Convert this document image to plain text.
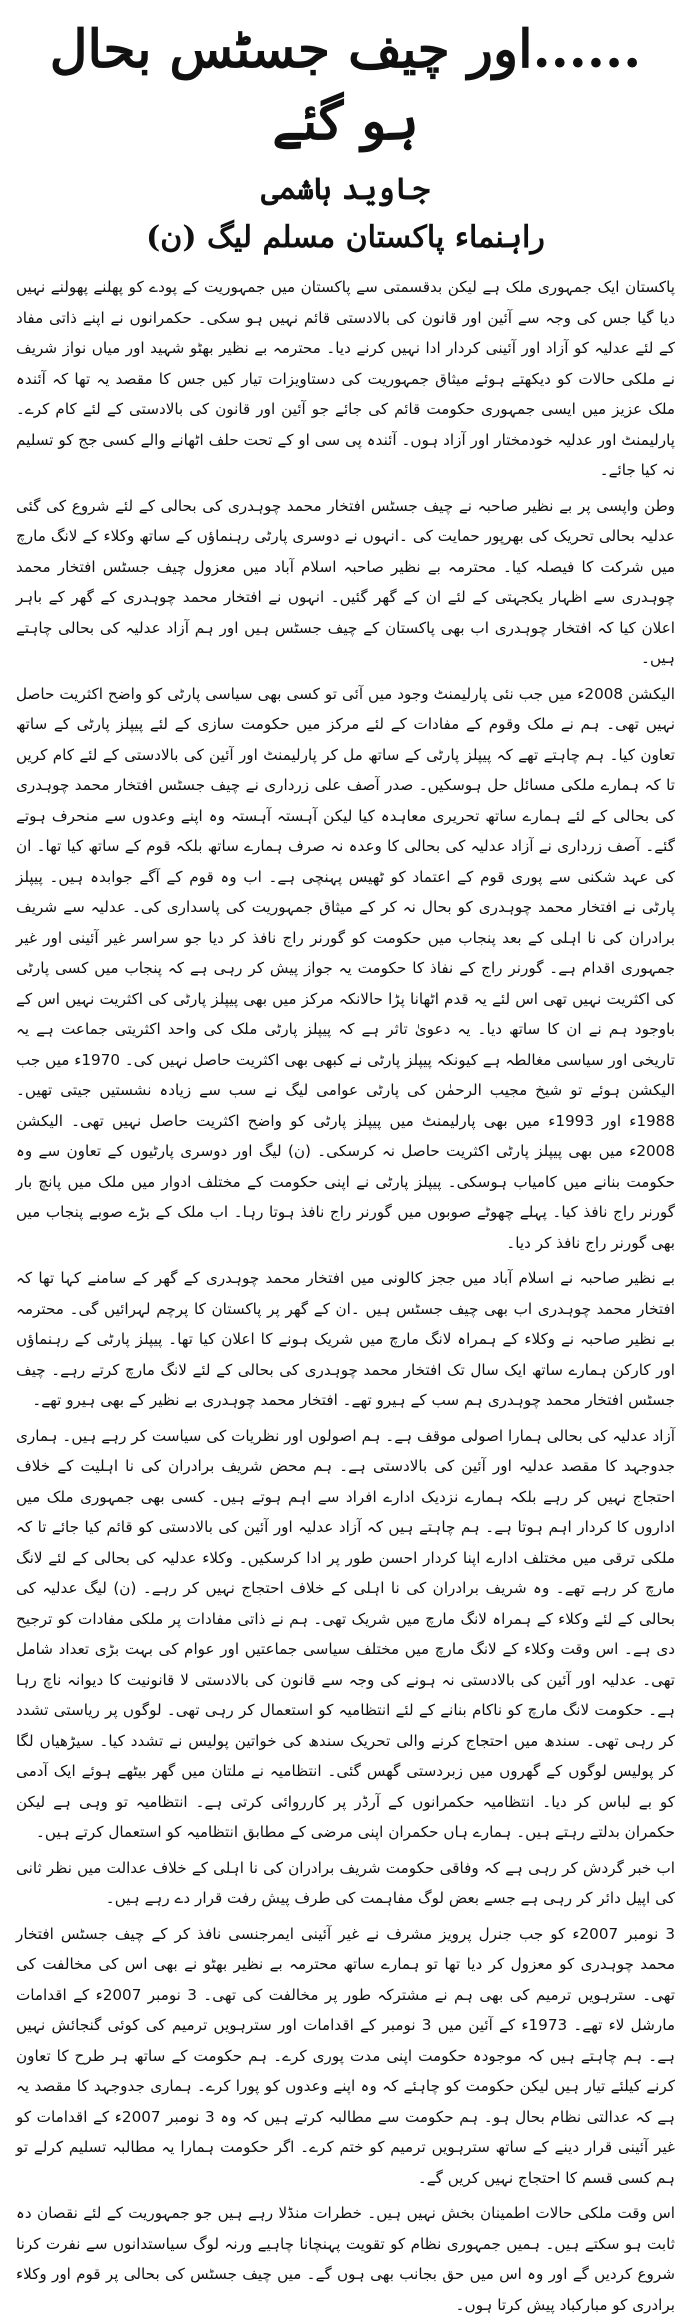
......اور چیف جسٹس بحال ہو گئے
جاوید ہاشمی
راہنماء پاکستان مسلم لیگ (ن)

پاکستان ایک جمہوری ملک ہے لیکن بدقسمتی سے پاکستان میں جمہوریت کے پودے کو پھلنے پھولنے نہیں دیا گیا جس کی وجہ سے آئین اور قانون کی بالادستی قائم نہیں ہو سکی۔ حکمرانوں نے اپنے ذاتی مفاد کے لئے عدلیہ کو آزاد اور آئینی کردار ادا نہیں کرنے دیا۔ محترمہ بے نظیر بھٹو شہید اور میاں نواز شریف نے ملکی حالات کو دیکھتے ہوئے میثاق جمہوریت کی دستاویزات تیار کیں جس کا مقصد یہ تھا کہ آئندہ ملک عزیز میں ایسی جمہوری حکومت قائم کی جائے جو آئین اور قانون کی بالادستی کے لئے کام کرے۔ پارلیمنٹ اور عدلیہ خودمختار اور آزاد ہوں۔ آئندہ پی سی او کے تحت حلف اٹھانے والے کسی جج کو تسلیم نہ کیا جائے۔

وطن واپسی پر بے نظیر صاحبہ نے چیف جسٹس افتخار محمد چوہدری کی بحالی کے لئے شروع کی گئی عدلیہ بحالی تحریک کی بھرپور حمایت کی ۔انہوں نے دوسری پارٹی رہنماؤں کے ساتھ وکلاء کے لانگ مارچ میں شرکت کا فیصلہ کیا۔ محترمہ بے نظیر صاحبہ اسلام آباد میں معزول چیف جسٹس افتخار محمد چوہدری سے اظہار یکجہتی کے لئے ان کے گھر گئیں۔ انہوں نے افتخار محمد چوہدری کے گھر کے باہر اعلان کیا کہ افتخار چوہدری اب بھی پاکستان کے چیف جسٹس ہیں اور ہم آزاد عدلیہ کی بحالی چاہتے ہیں۔

الیکشن 2008ء میں جب نئی پارلیمنٹ وجود میں آئی تو کسی بھی سیاسی پارٹی کو واضح اکثریت حاصل نہیں تھی۔ ہم نے ملک وقوم کے مفادات کے لئے مرکز میں حکومت سازی کے لئے پیپلز پارٹی کے ساتھ تعاون کیا۔ ہم چاہتے تھے کہ پیپلز پارٹی کے ساتھ مل کر پارلیمنٹ اور آئین کی بالادستی کے لئے کام کریں تا کہ ہمارے ملکی مسائل حل ہوسکیں۔ صدر آصف علی زرداری نے چیف جسٹس افتخار محمد چوہدری کی بحالی کے لئے ہمارے ساتھ تحریری معاہدہ کیا لیکن آہستہ آہستہ وہ اپنے وعدوں سے منحرف ہوتے گئے۔ آصف زرداری نے آزاد عدلیہ کی بحالی کا وعدہ نہ صرف ہمارے ساتھ بلکہ قوم کے ساتھ کیا تھا۔ ان کی عہد شکنی سے پوری قوم کے اعتماد کو ٹھیس پہنچی ہے۔ اب وہ قوم کے آگے جوابدہ ہیں۔ پیپلز پارٹی نے افتخار محمد چوہدری کو بحال نہ کر کے میثاق جمہوریت کی پاسداری کی۔ عدلیہ سے شریف برادران کی نا اہلی کے بعد پنجاب میں حکومت کو گورنر راج نافذ کر دیا جو سراسر غیر آئینی اور غیر جمہوری اقدام ہے۔ گورنر راج کے نفاذ کا حکومت یہ جواز پیش کر رہی ہے کہ پنجاب میں کسی پارٹی کی اکثریت نہیں تھی اس لئے یہ قدم اٹھانا پڑا حالانکہ مرکز میں بھی پیپلز پارٹی کی اکثریت نہیں اس کے باوجود ہم نے ان کا ساتھ دیا۔ یہ دعویٰ تاثر ہے کہ پیپلز پارٹی ملک کی واحد اکثریتی جماعت ہے یہ تاریخی اور سیاسی مغالطہ ہے کیونکہ پیپلز پارٹی نے کبھی بھی اکثریت حاصل نہیں کی۔ 1970ء میں جب الیکشن ہوئے تو شیخ مجیب الرحمٰن کی پارٹی عوامی لیگ نے سب سے زیادہ نشستیں جیتی تھیں۔ 1988ء اور 1993ء میں بھی پارلیمنٹ میں پیپلز پارٹی کو واضح اکثریت حاصل نہیں تھی۔ الیکشن 2008ء میں بھی پیپلز پارٹی اکثریت حاصل نہ کرسکی۔ (ن) لیگ اور دوسری پارٹیوں کے تعاون سے وہ حکومت بنانے میں کامیاب ہوسکی۔ پیپلز پارٹی نے اپنی حکومت کے مختلف ادوار میں ملک میں پانچ بار گورنر راج نافذ کیا۔ پہلے چھوٹے صوبوں میں گورنر راج نافذ ہوتا رہا۔ اب ملک کے بڑے صوبے پنجاب میں بھی گورنر راج نافذ کر دیا۔

بے نظیر صاحبہ نے اسلام آباد میں ججز کالونی میں افتخار محمد چوہدری کے گھر کے سامنے کہا تھا کہ افتخار محمد چوہدری اب بھی چیف جسٹس ہیں ۔ان کے گھر پر پاکستان کا پرچم لہرائیں گی۔ محترمہ بے نظیر صاحبہ نے وکلاء کے ہمراہ لانگ مارچ میں شریک ہونے کا اعلان کیا تھا۔ پیپلز پارٹی کے رہنماؤں اور کارکن ہمارے ساتھ ایک سال تک افتخار محمد چوہدری کی بحالی کے لئے لانگ مارچ کرتے رہے۔ چیف جسٹس افتخار محمد چوہدری ہم سب کے ہیرو تھے۔ افتخار محمد چوہدری بے نظیر کے بھی ہیرو تھے۔

آزاد عدلیہ کی بحالی ہمارا اصولی موقف ہے۔ ہم اصولوں اور نظریات کی سیاست کر رہے ہیں۔ ہماری جدوجہد کا مقصد عدلیہ اور آئین کی بالادستی ہے۔ ہم محض شریف برادران کی نا اہلیت کے خلاف احتجاج نہیں کر رہے بلکہ ہمارے نزدیک ادارے افراد سے اہم ہوتے ہیں۔ کسی بھی جمہوری ملک میں اداروں کا کردار اہم ہوتا ہے۔ ہم چاہتے ہیں کہ آزاد عدلیہ اور آئین کی بالادستی کو قائم کیا جائے تا کہ ملکی ترقی میں مختلف ادارے اپنا کردار احسن طور پر ادا کرسکیں۔ وکلاء عدلیہ کی بحالی کے لئے لانگ مارچ کر رہے تھے۔ وہ شریف برادران کی نا اہلی کے خلاف احتجاج نہیں کر رہے۔ (ن) لیگ عدلیہ کی بحالی کے لئے وکلاء کے ہمراہ لانگ مارچ میں شریک تھی۔ ہم نے ذاتی مفادات پر ملکی مفادات کو ترجیح دی ہے۔ اس وقت وکلاء کے لانگ مارچ میں مختلف سیاسی جماعتیں اور عوام کی بہت بڑی تعداد شامل تھی۔ عدلیہ اور آئین کی بالادستی نہ ہونے کی وجہ سے قانون کی بالادستی لا قانونیت کا دیوانہ ناچ رہا ہے۔ حکومت لانگ مارچ کو ناکام بنانے کے لئے انتظامیہ کو استعمال کر رہی تھی۔ لوگوں پر ریاستی تشدد کر رہی تھی۔ سندھ میں احتجاج کرنے والی تحریک سندھ کی خواتین پولیس نے تشدد کیا۔ سیڑھیاں لگا کر پولیس لوگوں کے گھروں میں زبردستی گھس گئی۔ انتظامیہ نے ملتان میں گھر بیٹھے ہوئے ایک آدمی کو بے لباس کر دیا۔ انتظامیہ حکمرانوں کے آرڈر پر کارروائی کرتی ہے۔ انتظامیہ تو وہی ہے لیکن حکمران بدلتے رہتے ہیں۔ ہمارے ہاں حکمران اپنی مرضی کے مطابق انتظامیہ کو استعمال کرتے ہیں۔

اب خبر گردش کر رہی ہے کہ وفاقی حکومت شریف برادران کی نا اہلی کے خلاف عدالت میں نظر ثانی کی اپیل دائر کر رہی ہے جسے بعض لوگ مفاہمت کی طرف پیش رفت قرار دے رہے ہیں۔

3 نومبر 2007ء کو جب جنرل پرویز مشرف نے غیر آئینی ایمرجنسی نافذ کر کے چیف جسٹس افتخار محمد چوہدری کو معزول کر دیا تھا تو ہمارے ساتھ محترمہ بے نظیر بھٹو نے بھی اس کی مخالفت کی تھی۔ سترہویں ترمیم کی بھی ہم نے مشترکہ طور پر مخالفت کی تھی۔ 3 نومبر 2007ء کے اقدامات مارشل لاء تھے۔ 1973ء کے آئین میں 3 نومبر کے اقدامات اور سترہویں ترمیم کی کوئی گنجائش نہیں ہے۔ ہم چاہتے ہیں کہ موجودہ حکومت اپنی مدت پوری کرے۔ ہم حکومت کے ساتھ ہر طرح کا تعاون کرنے کیلئے تیار ہیں لیکن حکومت کو چاہئے کہ وہ اپنے وعدوں کو پورا کرے۔ ہماری جدوجہد کا مقصد یہ ہے کہ عدالتی نظام بحال ہو۔ ہم حکومت سے مطالبہ کرتے ہیں کہ وہ 3 نومبر 2007ء کے اقدامات کو غیر آئینی قرار دینے کے ساتھ سترہویں ترمیم کو ختم کرے۔ اگر حکومت ہمارا یہ مطالبہ تسلیم کرلے تو ہم کسی قسم کا احتجاج نہیں کریں گے۔

اس وقت ملکی حالات اطمینان بخش نہیں ہیں۔ خطرات منڈلا رہے ہیں جو جمہوریت کے لئے نقصان دہ ثابت ہو سکتے ہیں۔ ہمیں جمہوری نظام کو تقویت پہنچانا چاہیے ورنہ لوگ سیاستدانوں سے نفرت کرنا شروع کردیں گے اور وہ اس میں حق بجانب بھی ہوں گے۔ میں چیف جسٹس کی بحالی پر قوم اور وکلاء برادری کو مبارکباد پیش کرتا ہوں۔
